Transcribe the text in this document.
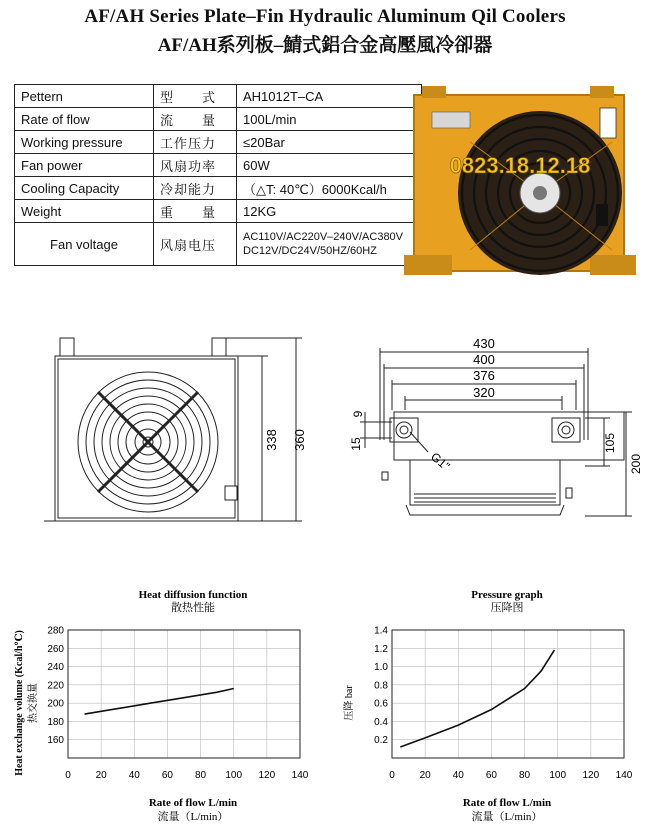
AF/AH Series Plate–Fin Hydraulic Aluminum Qil Coolers
AF/AH系列板–鯖式鋁合金高壓風冷卻器
Pettern	型　　式	AH1012T–CA
Rate of flow	流　　量	100L/min
Working pressure	工作压力	≤20Bar
Fan power	风扇功率	60W
Cooling Capacity	冷却能力	（△T: 40℃）6000Kcal/h
Weight	重　　量	12KG
Fan voltage	风扇电压	AC110V/AC220V–240V/AC380V
DC12V/DC24V/50HZ/60HZ
0823.18.12.18
338 360
430
400
376
320
9
15	105
200
G1"
Heat diffusion function
散热性能
Rate of flow L/min
流量（L/min）
Heat exchange volume (Kcal/h℃) 热交换量
0 20 40 60 80 100 120 140
160
180
200
220
240
260
280
Pressure graph
压降图
Rate of flow L/min
流量（L/min）
压降 bar
0 20 40 60 80 100 120 140
0.2
0.4
0.6
0.8
1.0
1.2
1.4
